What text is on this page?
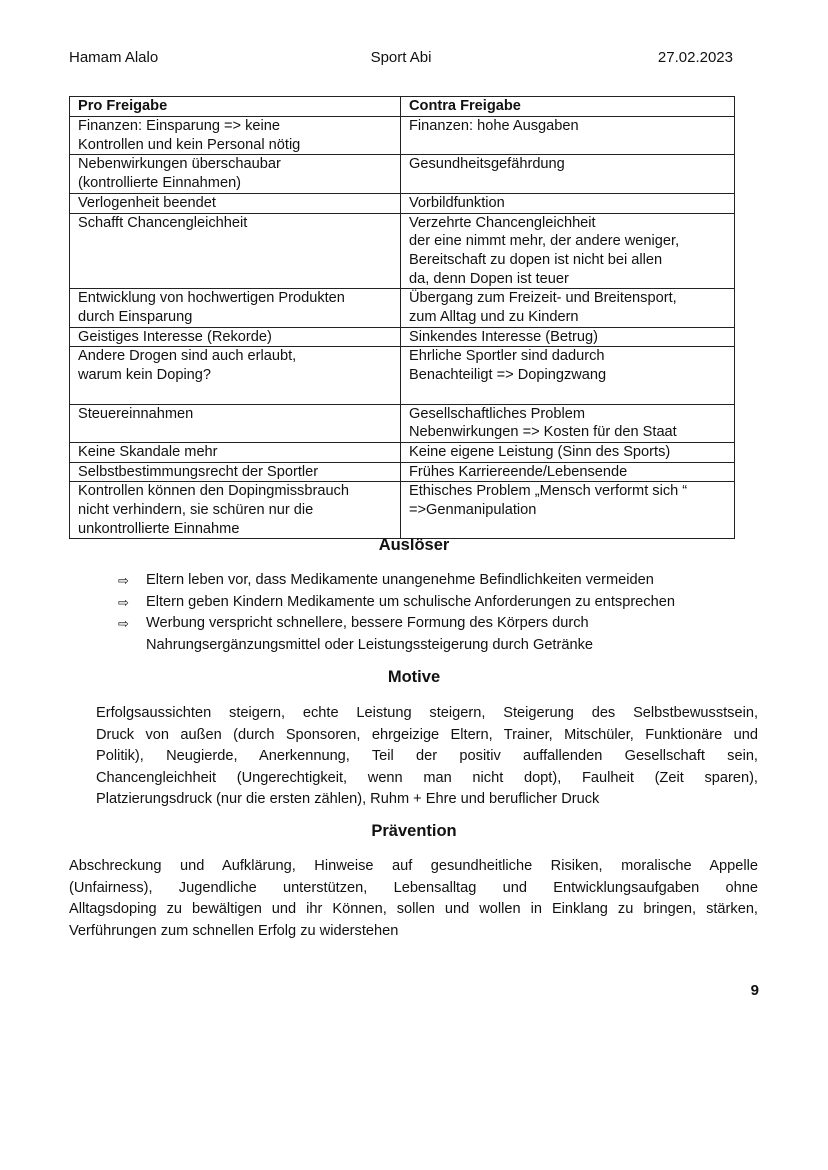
Hamam Alalo	Sport Abi	27.02.2023
Pro Freigabe	Contra Freigabe

Finanzen: Einsparung => keine
Kontrollen und kein Personal nötig	Finanzen: hohe Ausgaben

Nebenwirkungen überschaubar
(kontrollierte Einnahmen)	Gesundheitsgefährdung

Verlogenheit beendet	Vorbildfunktion

Schafft Chancengleichheit	Verzehrte Chancengleichheit
der eine nimmt mehr, der andere weniger,
Bereitschaft zu dopen ist nicht bei allen
da, denn Dopen ist teuer

Entwicklung von hochwertigen Produkten
durch Einsparung	Übergang zum Freizeit- und Breitensport,
zum Alltag und zu Kindern

Geistiges Interesse (Rekorde)	Sinkendes Interesse (Betrug)

Andere Drogen sind auch erlaubt,
warum kein Doping?	Ehrliche Sportler sind dadurch
Benachteiligt => Dopingzwang

Steuereinnahmen	Gesellschaftliches Problem
Nebenwirkungen => Kosten für den Staat

Keine Skandale mehr	Keine eigene Leistung (Sinn des Sports)

Selbstbestimmungsrecht der Sportler	Frühes Karriereende/Lebensende

Kontrollen können den Dopingmissbrauch
nicht verhindern, sie schüren nur die
unkontrollierte Einnahme	Ethisches Problem „Mensch verformt sich “
=>Genmanipulation
Auslöser
⇨ Eltern leben vor, dass Medikamente unangenehme Befindlichkeiten vermeiden
⇨ Eltern geben Kindern Medikamente um schulische Anforderungen zu entsprechen
⇨ Werbung verspricht schnellere, bessere Formung des Körpers durch
Nahrungsergänzungsmittel oder Leistungssteigerung durch Getränke
Motive
Erfolgsaussichten steigern, echte Leistung steigern, Steigerung des Selbstbewusstsein,
Druck von außen (durch Sponsoren, ehrgeizige Eltern, Trainer, Mitschüler, Funktionäre und
Politik), Neugierde, Anerkennung, Teil der positiv auffallenden Gesellschaft sein,
Chancengleichheit (Ungerechtigkeit, wenn man nicht dopt), Faulheit (Zeit sparen),
Platzierungsdruck (nur die ersten zählen), Ruhm + Ehre und beruflicher Druck
Prävention
Abschreckung und Aufklärung, Hinweise auf gesundheitliche Risiken, moralische Appelle
(Unfairness), Jugendliche unterstützen, Lebensalltag und Entwicklungsaufgaben ohne
Alltagsdoping zu bewältigen und ihr Können, sollen und wollen in Einklang zu bringen, stärken,
Verführungen zum schnellen Erfolg zu widerstehen
9
